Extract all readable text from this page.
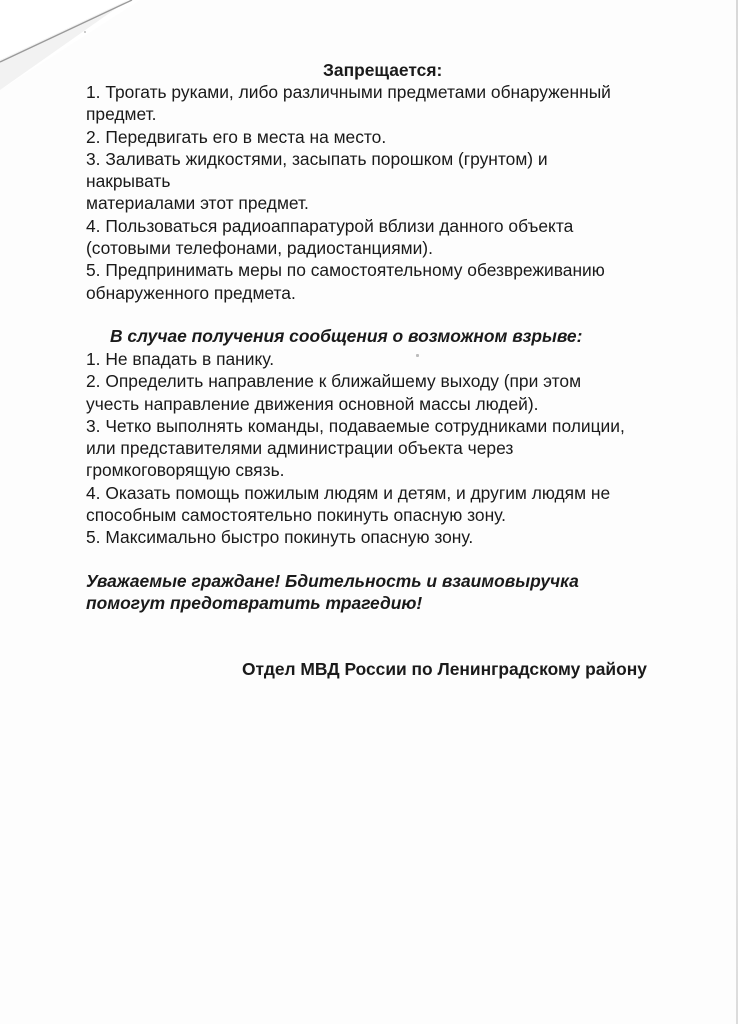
Запрещается:
1. Трогать руками, либо различными предметами обнаруженный
предмет.
2. Передвигать его в места на место.
3. Заливать жидкостями, засыпать порошком (грунтом) и
накрывать
материалами этот предмет.
4. Пользоваться радиоаппаратурой вблизи данного объекта
(сотовыми телефонами, радиостанциями).
5. Предпринимать меры по самостоятельному обезвреживанию
обнаруженного предмета.
В случае получения сообщения о возможном взрыве:
1. Не впадать в панику.
2. Определить направление к ближайшему выходу (при этом
учесть направление движения основной массы людей).
3. Четко выполнять команды, подаваемые сотрудниками полиции,
или представителями администрации объекта через
громкоговорящую связь.
4. Оказать помощь пожилым людям и детям, и другим людям не
способным самостоятельно покинуть опасную зону.
5. Максимально быстро покинуть опасную зону.
Уважаемые граждане! Бдительность и взаимовыручка
помогут предотвратить трагедию!
Отдел МВД России по Ленинградскому району
